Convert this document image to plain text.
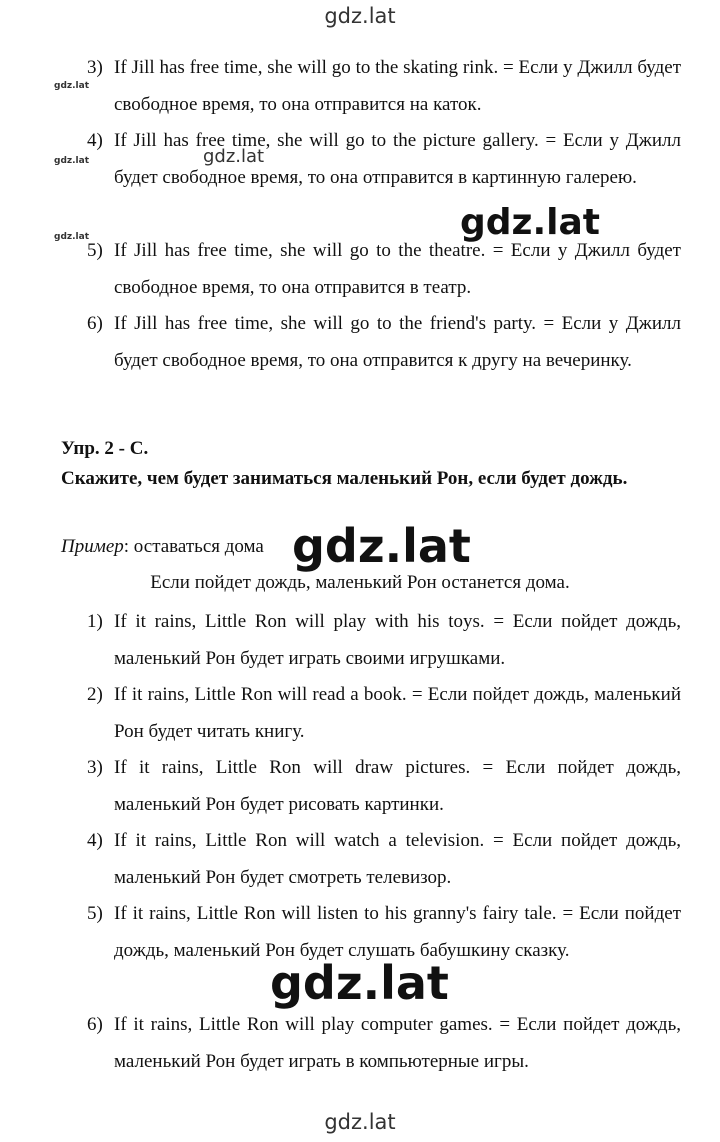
3) If Jill has free time, she will go to the skating rink. = Если у Джилл будет свободное время, то она отправится на каток.

4) If Jill has free time, she will go to the picture gallery. = Если у Джилл будет свободное время, то она отправится в картинную галерею.

5) If Jill has free time, she will go to the theatre. = Если у Джилл будет свободное время, то она отправится в театр.

6) If Jill has free time, she will go to the friend's party. = Если у Джилл будет свободное время, то она отправится к другу на вечеринку.

Упр. 2 - C.

Скажите, чем будет заниматься маленький Рон, если будет дождь.

Пример: оставаться дома

Если пойдет дождь, маленький Рон останется дома.

1) If it rains, Little Ron will play with his toys. = Если пойдет дождь, маленький Рон будет играть своими игрушками.

2) If it rains, Little Ron will read a book. = Если пойдет дождь, маленький Рон будет читать книгу.

3) If it rains, Little Ron will draw pictures. = Если пойдет дождь, маленький Рон будет рисовать картинки.

4) If it rains, Little Ron will watch a television. = Если пойдет дождь, маленький Рон будет смотреть телевизор.

5) If it rains, Little Ron will listen to his granny's fairy tale. = Если пойдет дождь, маленький Рон будет слушать бабушкину сказку.

6) If it rains, Little Ron will play computer games. = Если пойдет дождь, маленький Рон будет играть в компьютерные игры.

gdz.lat
gdz.lat
gdz.lat
gdz.lat
gdz.lat
gdz.lat
gdz.lat
gdz.lat
gdz.lat
